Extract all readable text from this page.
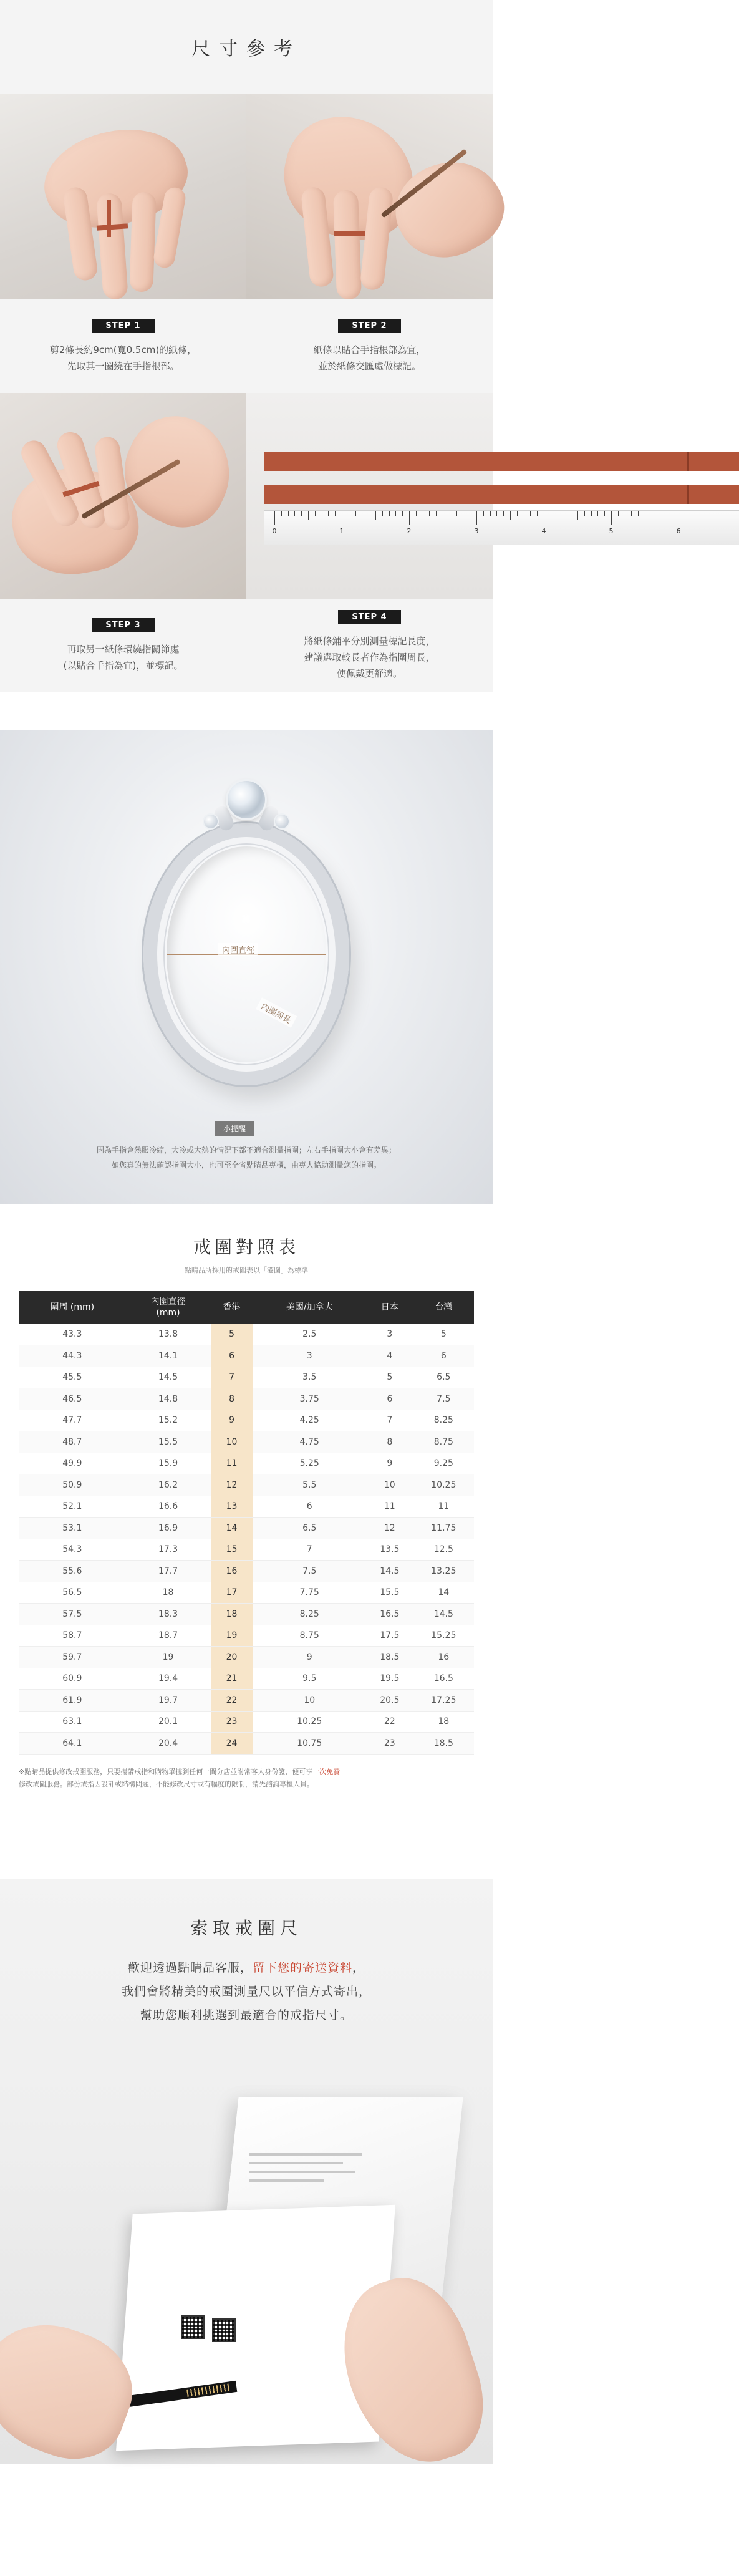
尺寸參考
STEP 1
剪2條長約9cm(寬0.5cm)的紙條，
先取其一圈繞在手指根部。
STEP 2
紙條以貼合手指根部為宜，
並於紙條交匯處做標記。
0	1	2	3	4	5	6
STEP 3
再取另一紙條環繞指關節處
(以貼合手指為宜)，並標記。
STEP 4
將紙條鋪平分別測量標記長度，
建議選取較長者作為指圍周長，
使佩戴更舒適。
內圍直徑
內圍周長
小提醒
因為手指會熱脹冷縮，大冷或大熱的情況下都不適合測量指圍；左右手指圍大小會有差異；
如您真的無法確認指圍大小，也可至全省點睛品專櫃，由專人協助測量您的指圍。
戒圍對照表
點睛品所採用的戒圍表以「港圍」為標準
圍周 (mm)	內圍直徑
(mm)	香港	美國/加拿大	日本	台灣
43.3	13.8	5	2.5	3	5
44.3	14.1	6	3	4	6
45.5	14.5	7	3.5	5	6.5
46.5	14.8	8	3.75	6	7.5
47.7	15.2	9	4.25	7	8.25
48.7	15.5	10	4.75	8	8.75
49.9	15.9	11	5.25	9	9.25
50.9	16.2	12	5.5	10	10.25
52.1	16.6	13	6	11	11
53.1	16.9	14	6.5	12	11.75
54.3	17.3	15	7	13.5	12.5
55.6	17.7	16	7.5	14.5	13.25
56.5	18	17	7.75	15.5	14
57.5	18.3	18	8.25	16.5	14.5
58.7	18.7	19	8.75	17.5	15.25
59.7	19	20	9	18.5	16
60.9	19.4	21	9.5	19.5	16.5
61.9	19.7	22	10	20.5	17.25
63.1	20.1	23	10.25	22	18
64.1	20.4	24	10.75	23	18.5
※點睛品提供修改戒圍服務，只要攜帶戒指和購物單據到任何一間分店並附常客人身份證，便可享一次免費
修改戒圍服務。部份戒指因設計或結構問題，不能修改尺寸或有幅度的限制，請先諮詢專櫃人員。
索取戒圍尺
歡迎透過點睛品客服，留下您的寄送資料，
我們會將精美的戒圍測量尺以平信方式寄出，
幫助您順利挑選到最適合的戒指尺寸。
